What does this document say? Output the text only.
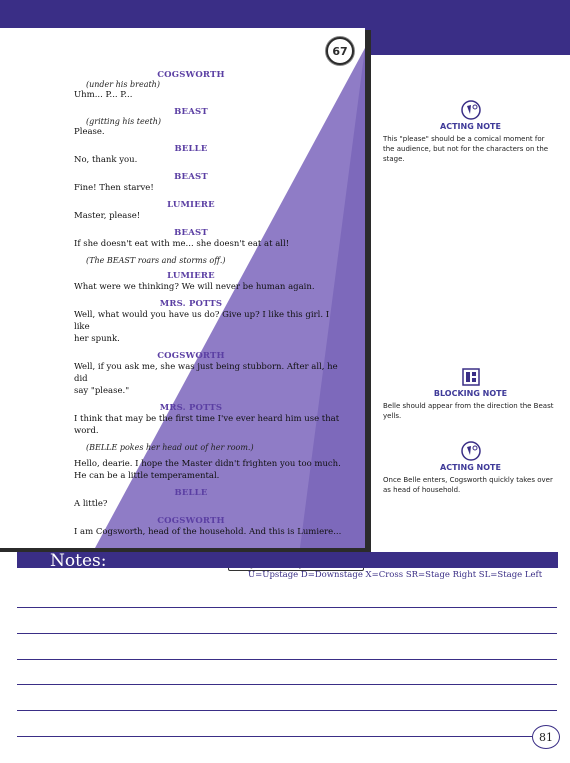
67
COGSWORTH
(under his breath)
Uhm... P... P...
BEAST
(gritting his teeth)
Please.
BELLE
No, thank you.
BEAST
Fine! Then starve!
LUMIERE
Master, please!
BEAST
If she doesn't eat with me... she doesn't eat at all!
(The BEAST roars and storms off.)
LUMIERE
What were we thinking? We will never be human again.
MRS. POTTS
Well, what would you have us do? Give up? I like this girl. I like
her spunk.
COGSWORTH
Well, if you ask me, she was just being stubborn. After all, he did
say "please."
MRS. POTTS
I think that may be the first time I've ever heard him use that word.
(BELLE pokes her head out of her room.)
Hello, dearie. I hope the Master didn't frighten you too much.
He can be a little temperamental.
BELLE
A little?
COGSWORTH
I am Cogsworth, head of the household. And this is Lumiere...
ACTING NOTE
This "please" should be a comical moment for the audience, but not for the characters on the stage.
BLOCKING NOTE
Belle should appear from the direction the Beast yells.
ACTING NOTE
Once Belle enters, Cogsworth quickly takes over as head of household.
Notes:
U=Upstage D=Downstage X=Cross SR=Stage Right SL=Stage Left
81
